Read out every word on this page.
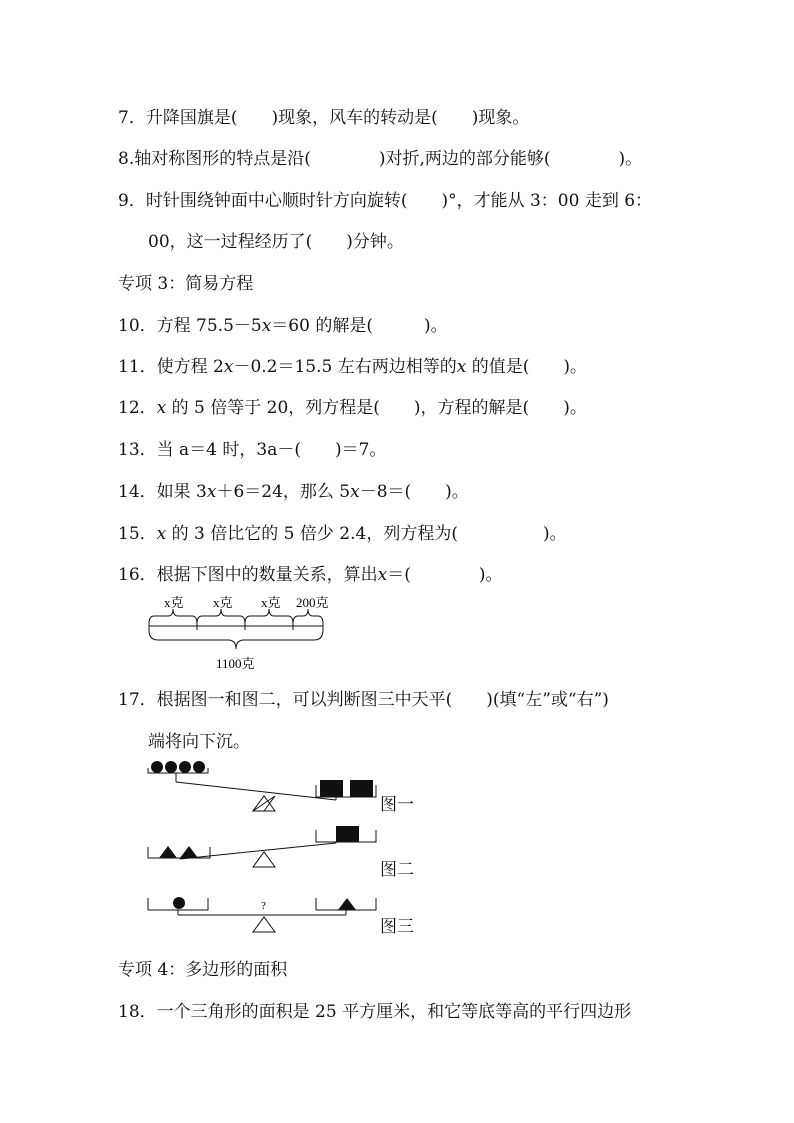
7．升降国旗是(　　)现象，风车的转动是(　　)现象。
8.轴对称图形的特点是沿(　　　　)对折,两边的部分能够(　　　　)。
9．时针围绕钟面中心顺时针方向旋转(　　)°，才能从 3：00 走到 6：
00，这一过程经历了(　　)分钟。
专项 3：简易方程
10．方程 75.5－5x＝60 的解是(　　　)。
11．使方程 2x－0.2＝15.5 左右两边相等的x 的值是(　　)。
12．x 的 5 倍等于 20，列方程是(　　)，方程的解是(　　)。
13．当 a＝4 时，3a－(　　)＝7。
14．如果 3x＋6＝24，那么 5x－8＝(　　)。
15．x 的 3 倍比它的 5 倍少 2.4，列方程为(　　　　　)。
16．根据下图中的数量关系，算出x＝(　　　　)。
x克 x克 x克 200克
1100克
17．根据图一和图二，可以判断图三中天平(　　)(填“左”或“右”)
端将向下沉。
?
图一
图二
图三
专项 4：多边形的面积
18．一个三角形的面积是 25 平方厘米，和它等底等高的平行四边形
